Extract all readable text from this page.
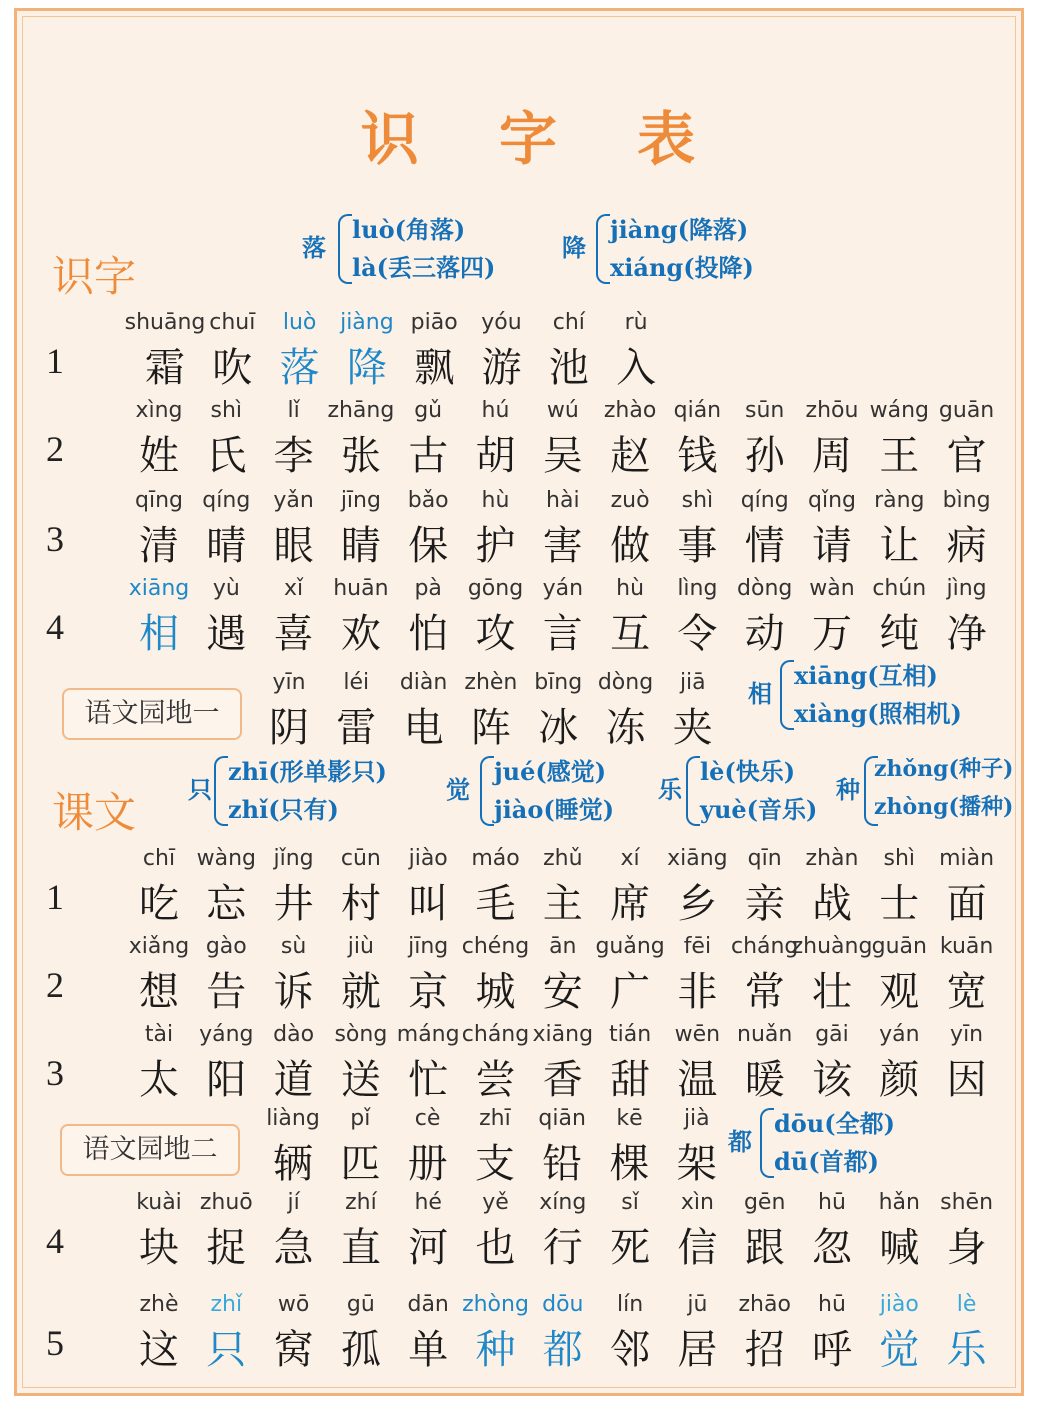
识 字 表
识字
课文
落
luò(角落)
là(丢三落四)
降
jiàng(降落)
xiáng(投降)
相
xiāng(互相)
xiàng(照相机)
只
zhī(形单影只)
zhǐ(只有)
觉
jué(感觉)
jiào(睡觉)
乐
lè(快乐)
yuè(音乐)
种
zhǒng(种子)
zhòng(播种)
都
dōu(全都)
dū(首都)
语文园地一
语文园地二
1
shuāng
霜
chuī
吹
luò
落
jiàng
降
piāo
飘
yóu
游
chí
池
rù
入
2
xìng
姓
shì
氏
lǐ
李
zhāng
张
gǔ
古
hú
胡
wú
吴
zhào
赵
qián
钱
sūn
孙
zhōu
周
wáng
王
guān
官
3
qīng
清
qíng
晴
yǎn
眼
jīng
睛
bǎo
保
hù
护
hài
害
zuò
做
shì
事
qíng
情
qǐng
请
ràng
让
bìng
病
4
xiāng
相
yù
遇
xǐ
喜
huān
欢
pà
怕
gōng
攻
yán
言
hù
互
lìng
令
dòng
动
wàn
万
chún
纯
jìng
净
yīn
阴
léi
雷
diàn
电
zhèn
阵
bīng
冰
dòng
冻
jiā
夹
1
chī
吃
wàng
忘
jǐng
井
cūn
村
jiào
叫
máo
毛
zhǔ
主
xí
席
xiāng
乡
qīn
亲
zhàn
战
shì
士
miàn
面
2
xiǎng
想
gào
告
sù
诉
jiù
就
jīng
京
chéng
城
ān
安
guǎng
广
fēi
非
cháng
常
zhuàng
壮
guān
观
kuān
宽
3
tài
太
yáng
阳
dào
道
sòng
送
máng
忙
cháng
尝
xiāng
香
tián
甜
wēn
温
nuǎn
暖
gāi
该
yán
颜
yīn
因
liàng
辆
pǐ
匹
cè
册
zhī
支
qiān
铅
kē
棵
jià
架
4
kuài
块
zhuō
捉
jí
急
zhí
直
hé
河
yě
也
xíng
行
sǐ
死
xìn
信
gēn
跟
hū
忽
hǎn
喊
shēn
身
5
zhè
这
zhǐ
只
wō
窝
gū
孤
dān
单
zhòng
种
dōu
都
lín
邻
jū
居
zhāo
招
hū
呼
jiào
觉
lè
乐
